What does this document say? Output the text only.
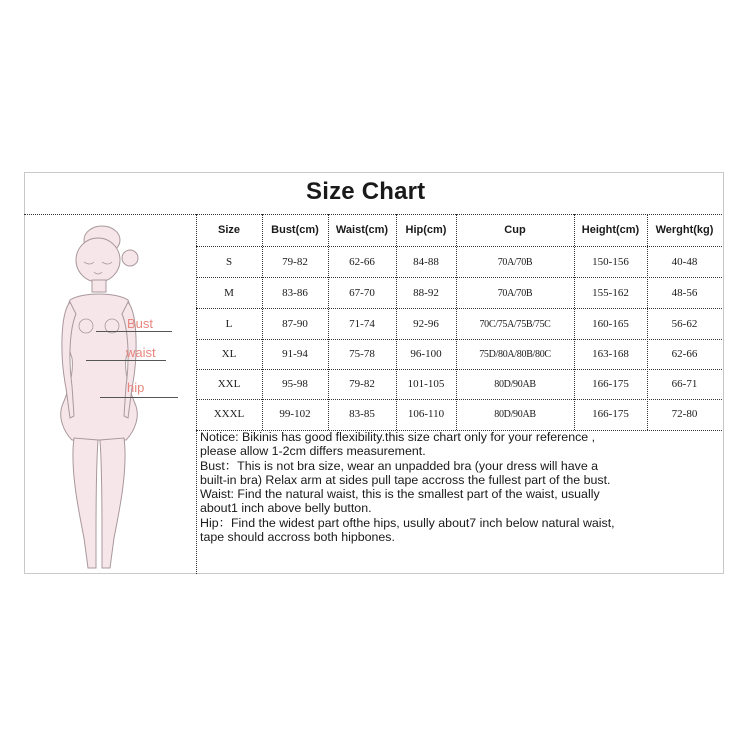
Size Chart
Bust
waist
hip
Size	Bust(cm)	Waist(cm)	Hip(cm)	Cup	Height(cm)	Werght(kg)
S	79-82	62-66	84-88	70A/70B	150-156	40-48
M	83-86	67-70	88-92	70A/70B	155-162	48-56
L	87-90	71-74	92-96	70C/75A/75B/75C	160-165	56-62
XL	91-94	75-78	96-100	75D/80A/80B/80C	163-168	62-66
XXL	95-98	79-82	101-105	80D/90AB	166-175	66-71
XXXL	99-102	83-85	106-110	80D/90AB	166-175	72-80
Notice: Bikinis has good flexibility.this size chart only for your reference ,
please allow 1-2cm differs measurement.
Bust：This is not bra size, wear an unpadded bra (your dress will have a
built-in bra) Relax arm at sides pull tape accross the fullest part of the bust.
Waist: Find the natural waist, this is the smallest part of the waist, usually
about1 inch above belly button.
Hip：Find the widest part ofthe hips, usully about7 inch below natural waist,
tape should accross both hipbones.
